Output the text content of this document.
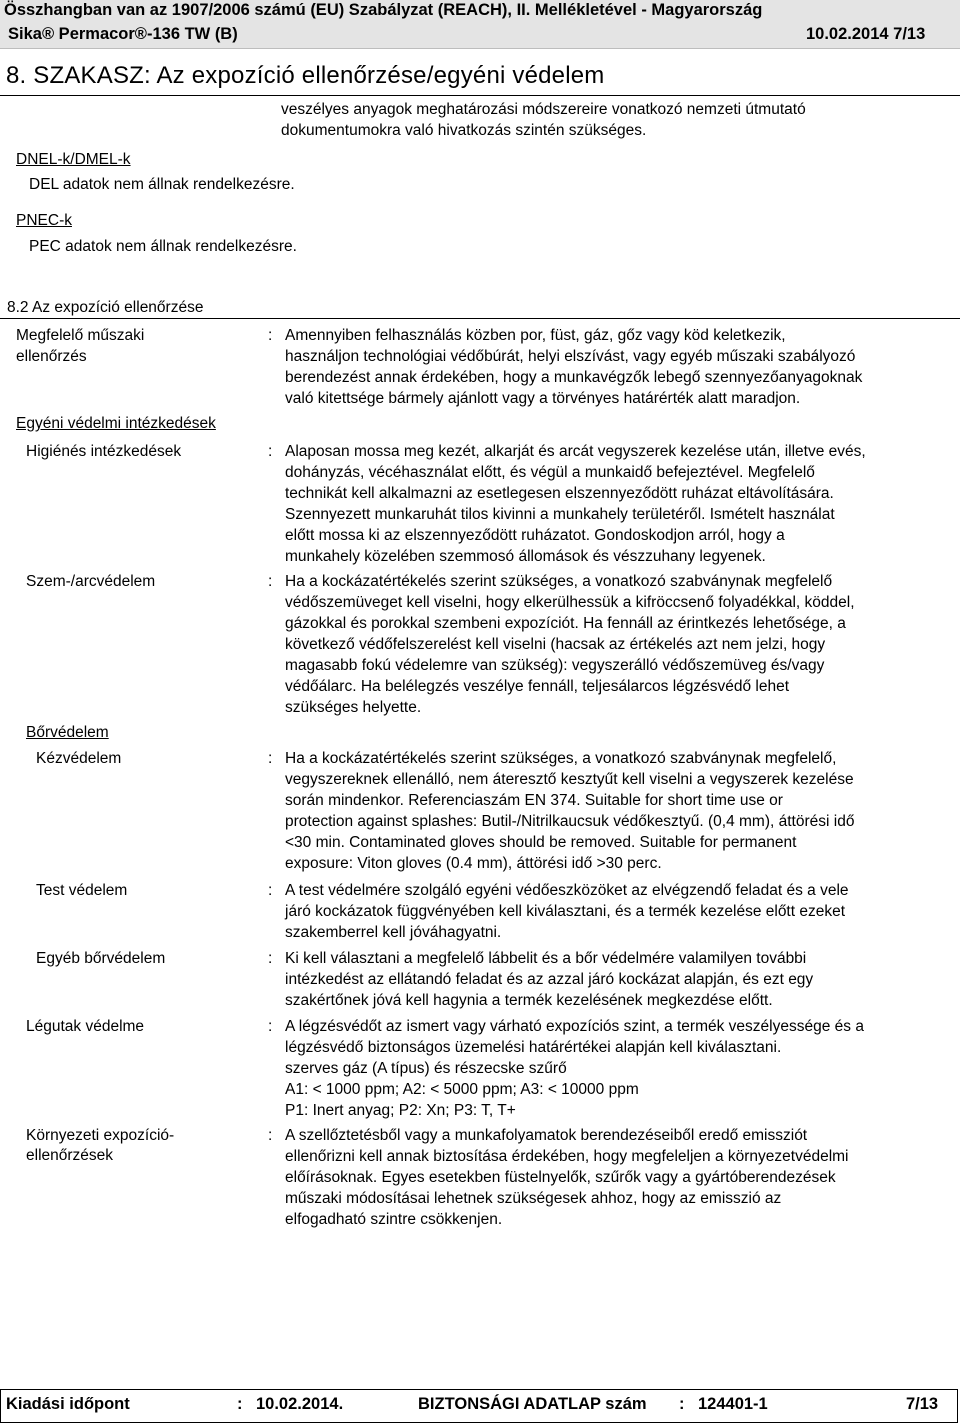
Összhangban van az 1907/2006 számú (EU) Szabályzat (REACH), II. Mellékletével - Magyarország
Sika® Permacor®-136 TW (B)	10.02.2014 7/13
8. SZAKASZ: Az expozíció ellenőrzése/egyéni védelem
veszélyes anyagok meghatározási módszereire vonatkozó nemzeti útmutató
dokumentumokra való hivatkozás szintén szükséges.
DNEL-k/DMEL-k
DEL adatok nem állnak rendelkezésre.
PNEC-k
PEC adatok nem állnak rendelkezésre.
8.2 Az expozíció ellenőrzése
Megfelelő műszaki
ellenőrzés
: Amennyiben felhasználás közben por, füst, gáz, gőz vagy köd keletkezik,
használjon technológiai védőbúrát, helyi elszívást, vagy egyéb műszaki szabályozó
berendezést annak érdekében, hogy a munkavégzők lebegő szennyezőanyagoknak
való kitettsége bármely ajánlott vagy a törvényes határérték alatt maradjon.
Egyéni védelmi intézkedések
Higiénés intézkedések	: Alaposan mossa meg kezét, alkarját és arcát vegyszerek kezelése után, illetve evés,
dohányzás, vécéhasználat előtt, és végül a munkaidő befejeztével. Megfelelő
technikát kell alkalmazni az esetlegesen elszennyeződött ruházat eltávolítására.
Szennyezett munkaruhát tilos kivinni a munkahely területéről. Ismételt használat
előtt mossa ki az elszennyeződött ruházatot. Gondoskodjon arról, hogy a
munkahely közelében szemmosó állomások és vészzuhany legyenek.
Szem-/arcvédelem	: Ha a kockázatértékelés szerint szükséges, a vonatkozó szabványnak megfelelő
védőszemüveget kell viselni, hogy elkerülhessük a kifröccsenő folyadékkal, köddel,
gázokkal és porokkal szembeni expozíciót. Ha fennáll az érintkezés lehetősége, a
következő védőfelszerelést kell viselni (hacsak az értékelés azt nem jelzi, hogy
magasabb fokú védelemre van szükség): vegyszerálló védőszemüveg és/vagy
védőálarc. Ha belélegzés veszélye fennáll, teljesálarcos légzésvédő lehet
szükséges helyette.
Bőrvédelem
Kézvédelem	: Ha a kockázatértékelés szerint szükséges, a vonatkozó szabványnak megfelelő,
vegyszereknek ellenálló, nem áteresztő kesztyűt kell viselni a vegyszerek kezelése
során mindenkor. Referenciaszám EN 374. Suitable for short time use or
protection against splashes: Butil-/Nitrilkaucsuk védőkesztyű. (0,4 mm), áttörési idő
<30 min. Contaminated gloves should be removed. Suitable for permanent
exposure: Viton gloves (0.4 mm), áttörési idő >30 perc.
Test védelem	: A test védelmére szolgáló egyéni védőeszközöket az elvégzendő feladat és a vele
járó kockázatok függvényében kell kiválasztani, és a termék kezelése előtt ezeket
szakemberrel kell jóváhagyatni.
Egyéb bőrvédelem	: Ki kell választani a megfelelő lábbelit és a bőr védelmére valamilyen további
intézkedést az ellátandó feladat és az azzal járó kockázat alapján, és ezt egy
szakértőnek jóvá kell hagynia a termék kezelésének megkezdése előtt.
Légutak védelme	: A légzésvédőt az ismert vagy várható expozíciós szint, a termék veszélyessége és a
légzésvédő biztonságos üzemelési határértékei alapján kell kiválasztani.
szerves gáz (A típus) és részecske szűrő
A1: < 1000 ppm; A2: < 5000 ppm; A3: < 10000 ppm
P1: Inert anyag; P2: Xn; P3: T, T+
Környezeti expozíció-
ellenőrzések
: A szellőztetésből vagy a munkafolyamatok berendezéseiből eredő emissziót
ellenőrizni kell annak biztosítása érdekében, hogy megfeleljen a környezetvédelmi
előírásoknak. Egyes esetekben füstelnyelők, szűrők vagy a gyártóberendezések
műszaki módosításai lehetnek szükségesek ahhoz, hogy az emisszió az
elfogadható szintre csökkenjen.
Kiadási időpont	: 10.02.2014.	BIZTONSÁGI ADATLAP szám : 124401-1	7/13
